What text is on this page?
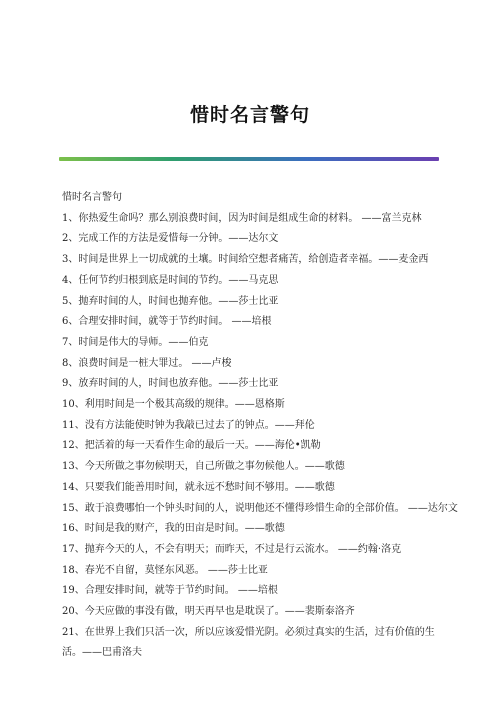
惜时名言警句

惜时名言警句

1、你热爱生命吗？那么别浪费时间，因为时间是组成生命的材料。 ——富兰克林

2、完成工作的方法是爱惜每一分钟。——达尔文

3、时间是世界上一切成就的土壤。时间给空想者痛苦，给创造者幸福。——麦金西

4、任何节约归根到底是时间的节约。——马克思

5、抛弃时间的人，时间也抛弃他。——莎士比亚

6、合理安排时间，就等于节约时间。 ——培根

7、时间是伟大的导师。——伯克

8、浪费时间是一桩大罪过。 ——卢梭

9、放弃时间的人，时间也放弃他。——莎士比亚

10、利用时间是一个极其高级的规律。——恩格斯

11、没有方法能使时钟为我敲已过去了的钟点。——拜伦

12、把活着的每一天看作生命的最后一天。——海伦•凯勒

13、今天所做之事勿候明天，自己所做之事勿候他人。——歌德

14、只要我们能善用时间，就永远不愁时间不够用。——歌德

15、敢于浪费哪怕一个钟头时间的人，说明他还不懂得珍惜生命的全部价值。 ——达尔文

16、时间是我的财产，我的田亩是时间。——歌德

17、抛弃今天的人，不会有明天；而昨天，不过是行云流水。 ——约翰·洛克

18、春光不自留，莫怪东风恶。 ——莎士比亚

19、合理安排时间，就等于节约时间。 ——培根

20、今天应做的事没有做，明天再早也是耽误了。——裴斯泰洛齐

21、在世界上我们只活一次，所以应该爱惜光阴。必须过真实的生活，过有价值的生活。——巴甫洛夫
